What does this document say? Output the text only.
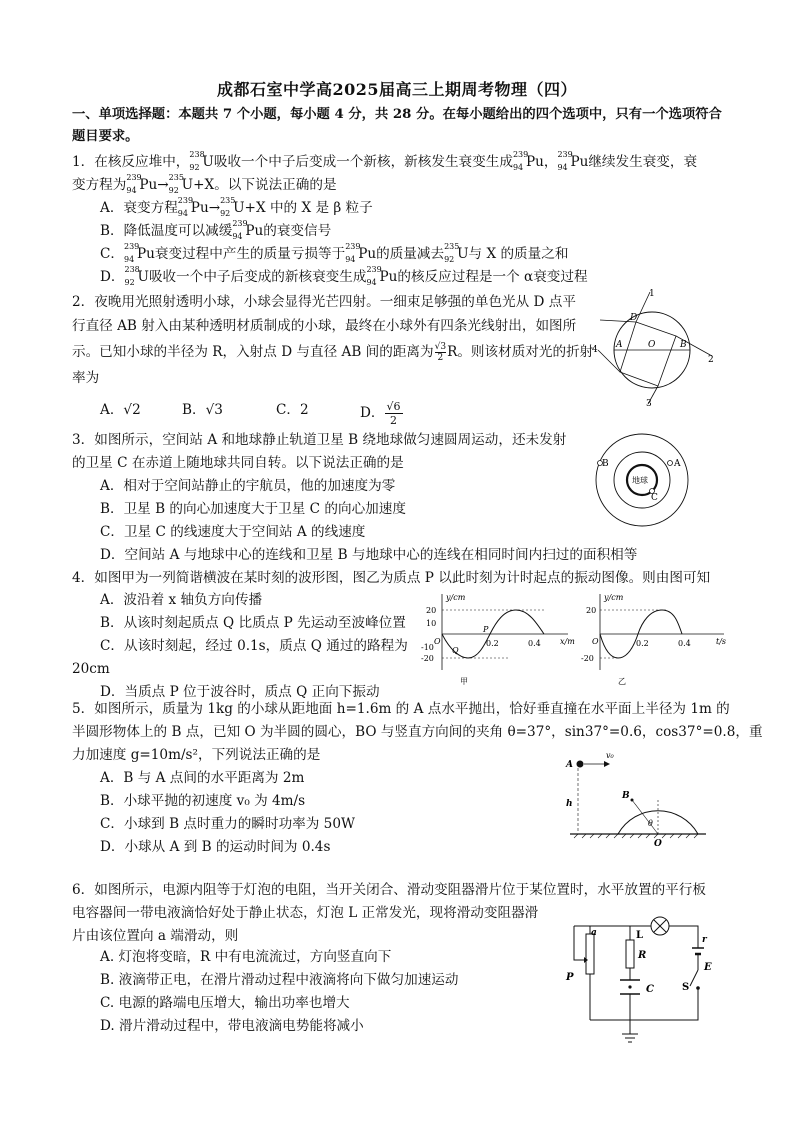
成都石室中学高2025届高三上期周考物理（四）
一、单项选择题：本题共 7 个小题，每小题 4 分，共 28 分。在每小题给出的四个选项中，只有一个选项符合题目要求。
1．在核反应堆中， 238
92 U吸收一个中子后变成一个新核，新核发生衰变生成 239
94 Pu， 239
94 Pu继续发生衰变，衰
变方程为 239
94 Pu→ 235
92 U+X。以下说法正确的是
A．衰变方程 239
94 Pu→ 235
92 U+X 中的 X 是 β 粒子
B．降低温度可以减缓 239
94 Pu的衰变信号
C． 239
94 Pu衰变过程中产生的质量亏损等于 239
94 Pu的质量减去 235
92 U与 X 的质量之和
D． 238
92 U吸收一个中子后变成的新核衰变生成 239
94 Pu的核反应过程是一个 α衰变过程
2．夜晚用光照射透明小球，小球会显得光芒四射。一细束足够强的单色光从 D 点平
行直径 AB 射入由某种透明材质制成的小球，最终在小球外有四条光线射出，如图所
示。已知小球的半径为 R，入射点 D 与直径 AB 间的距离为 $\frac{√3}{2}$ R。则该材质对光的折射
率为
A．√2	B．√3	C．2	D． $\frac{√6}{2}$
1
D
A	O	B
2
3
4
3．如图所示，空间站 A 和地球静止轨道卫星 B 绕地球做匀速圆周运动，还未发射
的卫星 C 在赤道上随地球共同自转。以下说法正确的是
A．相对于空间站静止的宇航员，他的加速度为零
B．卫星 B 的向心加速度大于卫星 C 的向心加速度
C．卫星 C 的线速度大于空间站 A 的线速度
D．空间站 A 与地球中心的连线和卫星 B 与地球中心的连线在相同时间内扫过的面积相等
B	A
地球
C
4．如图甲为一列简谐横波在某时刻的波形图，图乙为质点 P 以此时刻为计时起点的振动图像。则由图可知
A．波沿着 x 轴负方向传播
B．从该时刻起质点 Q 比质点 P 先运动至波峰位置
C．从该时刻起，经过 0.1s，质点 Q 通过的路程为
20cm
D．当质点 P 位于波谷时，质点 Q 正向下振动
y/cm
x/m
20
10
-10
-20
0.2	0.4
O
P
Q
甲
y/cm
t/s
20
-20
0.2	0.4
O
乙
5．如图所示，质量为 1kg 的小球从距地面 h=1.6m 的 A 点水平抛出，恰好垂直撞在水平面上半径为 1m 的
半圆形物体上的 B 点，已知 O 为半圆的圆心，BO 与竖直方向间的夹角 θ=37°，sin37°=0.6，cos37°=0.8，重
力加速度 g=10m/s²，下列说法正确的是
A．B 与 A 点间的水平距离为 2m
B．小球平抛的初速度 v₀ 为 4m/s
C．小球到 B 点时重力的瞬时功率为 50W
D．小球从 A 到 B 的运动时间为 0.4s
A
v₀
h
B
θ
O
6．如图所示，电源内阻等于灯泡的电阻，当开关闭合、滑动变阻器滑片位于某位置时，水平放置的平行板
电容器间一带电液滴恰好处于静止状态，灯泡 L 正常发光，现将滑动变阻器滑
片由该位置向 a 端滑动，则
A. 灯泡将变暗，R 中有电流流过，方向竖直向下
B. 液滴带正电，在滑片滑动过程中液滴将向下做匀加速运动
C. 电源的路端电压增大，输出功率也增大
D. 滑片滑动过程中，带电液滴电势能将减小
a	L	r
R
E
P
C	S
